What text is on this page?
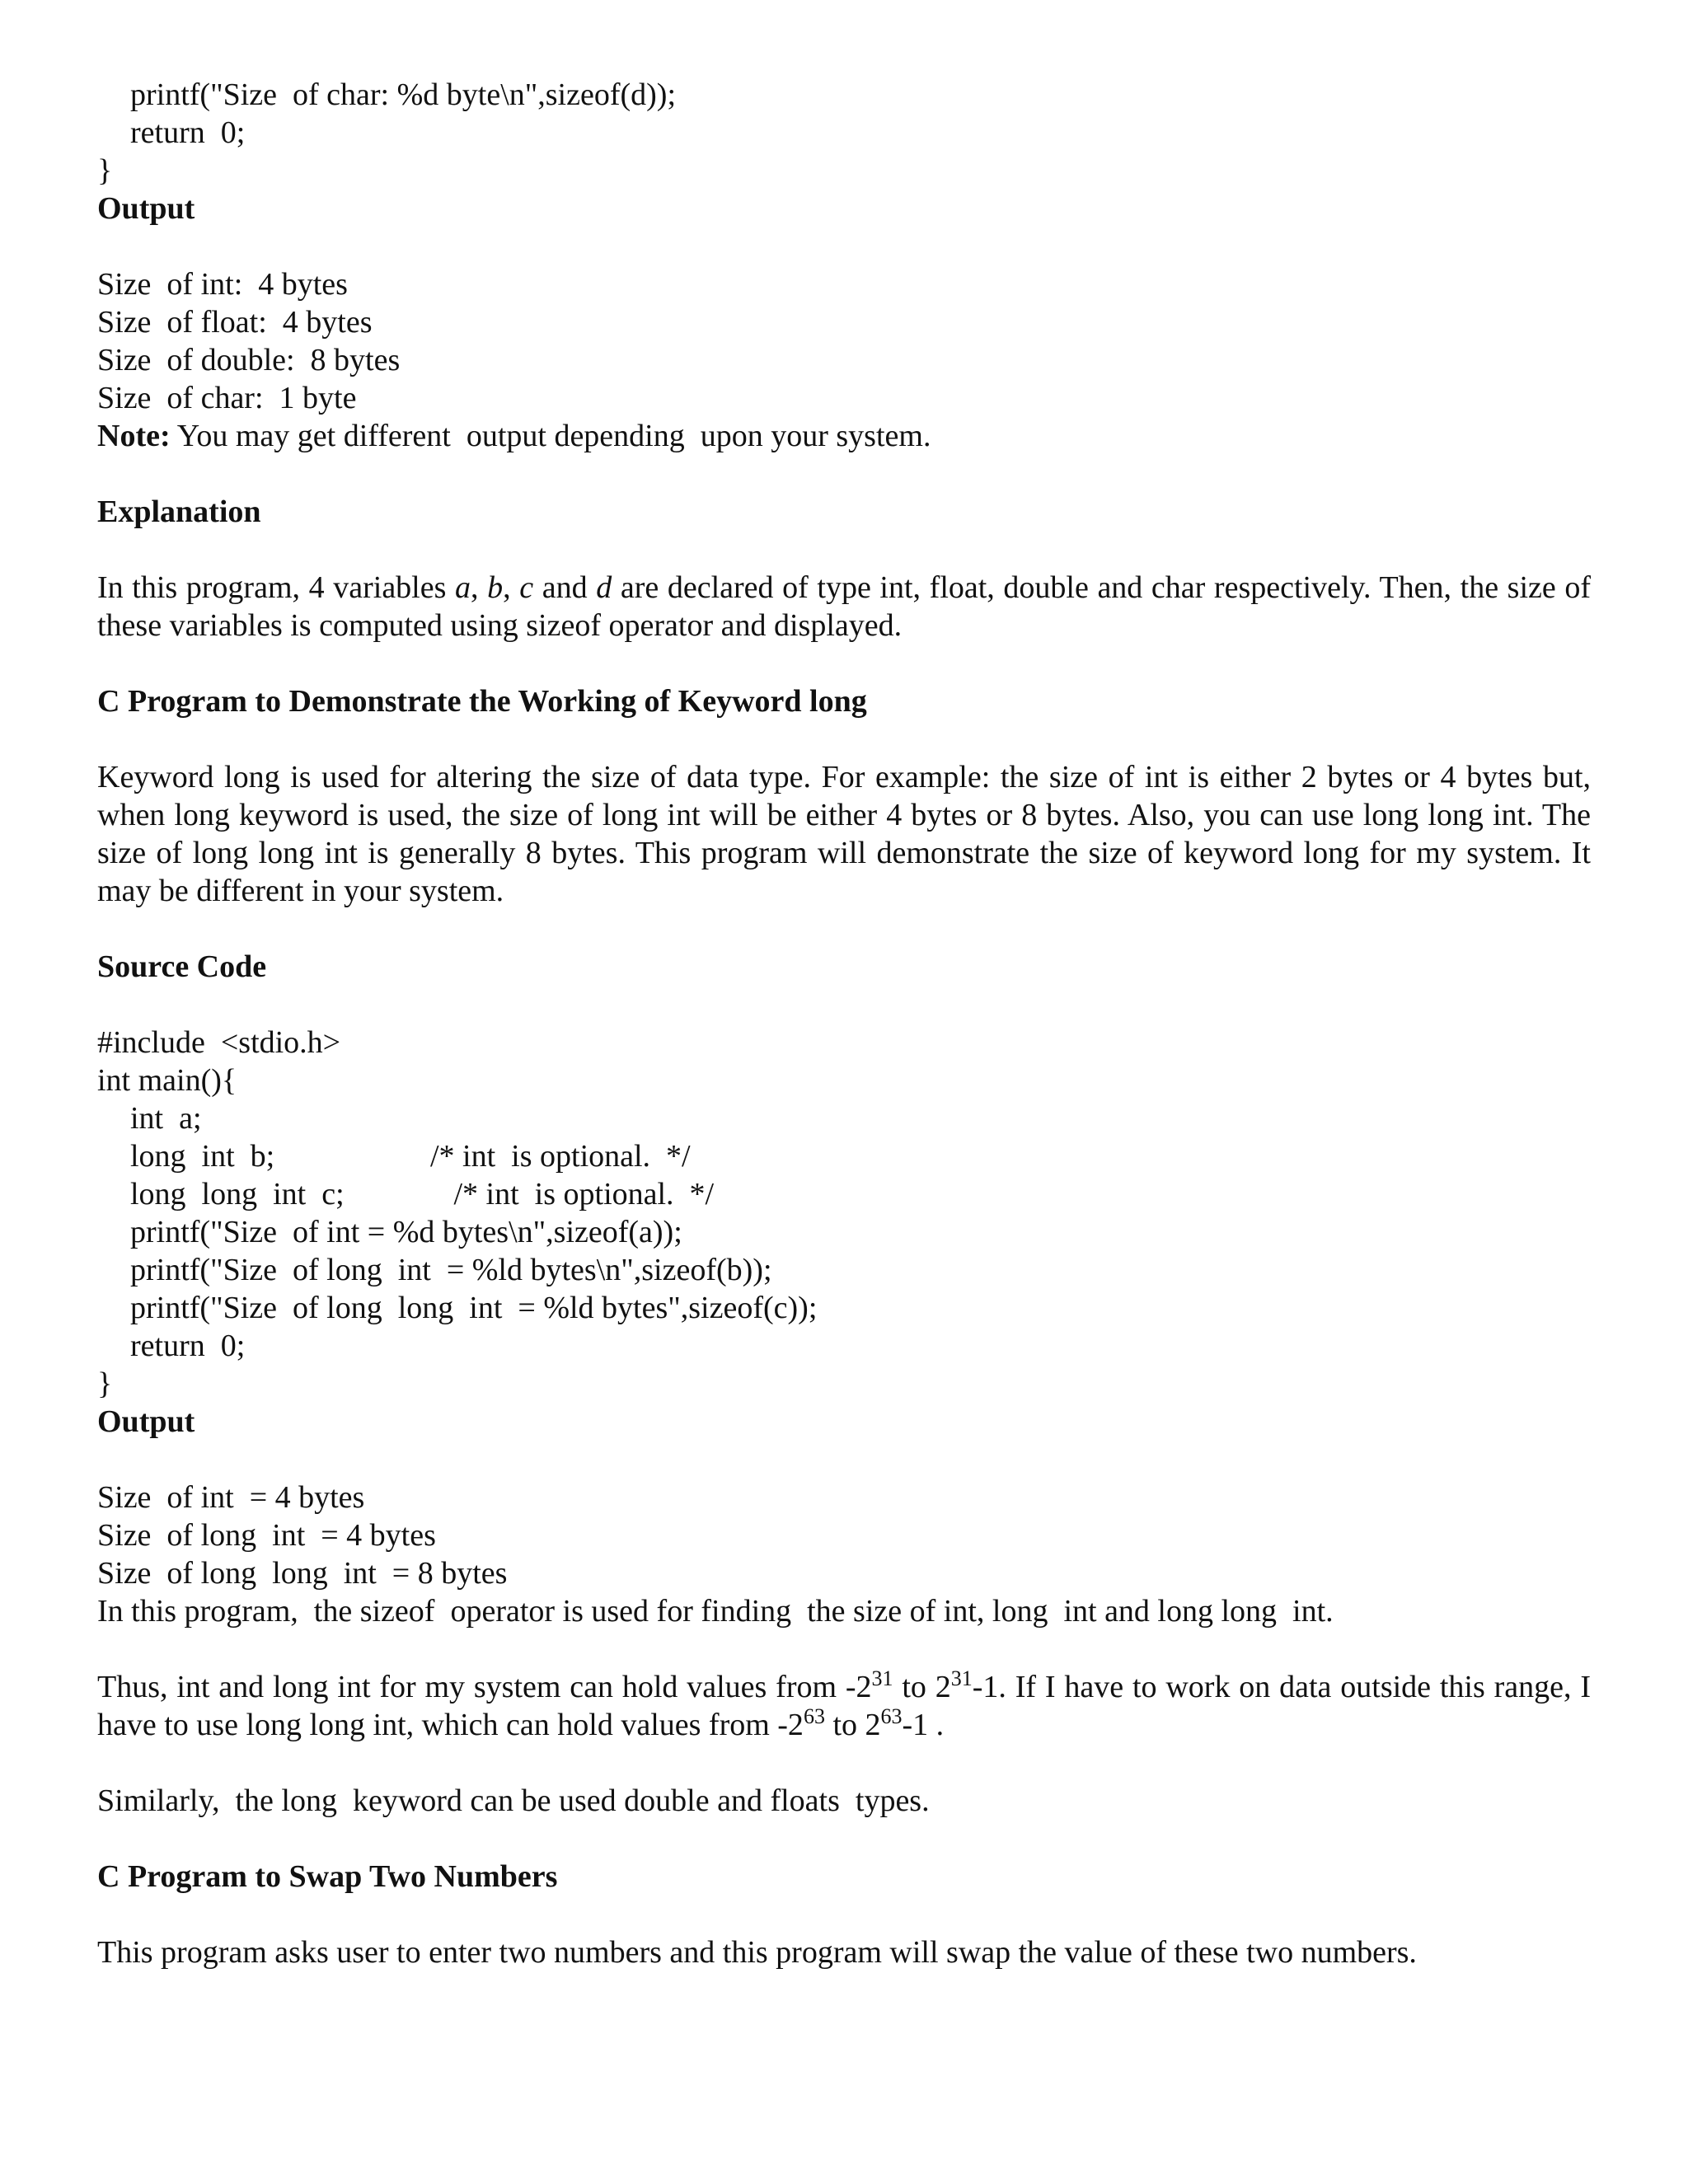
printf("Size  of char: %d byte\n",sizeof(d));
return  0;
}
Output
Size  of int:  4 bytes
Size  of float:  4 bytes
Size  of double:  8 bytes
Size  of char:  1 byte
Note: You may get different  output depending  upon your system.
Explanation

In this program, 4 variables a, b, c and d are declared of type int, float, double and char respectively. Then, the size of these variables is computed using sizeof operator and displayed.

C Program to Demonstrate the Working of Keyword long

Keyword long is used for altering the size of data type. For example: the size of int is either 2 bytes or 4 bytes but, when long keyword is used, the size of long int will be either 4 bytes or 8 bytes. Also, you can use long long int. The size of long long int is generally 8 bytes. This program will demonstrate the size of keyword long for my system. It may be different in your system.

Source Code
#include  <stdio.h>
int main(){
int  a;
long  int  b;	/* int  is optional.  */
long  long  int  c;	/* int  is optional.  */
printf("Size  of int = %d bytes\n",sizeof(a));
printf("Size  of long  int  = %ld bytes\n",sizeof(b));
printf("Size  of long  long  int  = %ld bytes",sizeof(c));
return  0;
}
Output
Size  of int  = 4 bytes
Size  of long  int  = 4 bytes
Size  of long  long  int  = 8 bytes
In this program,  the sizeof  operator is used for finding  the size of int, long  int and long long  int.

Thus, int and long int for my system can hold values from $-2^{31}$ to $2^{31}-1$. If I have to work on data outside this range, I have to use long long int, which can hold values from $-2^{63}$ to $2^{63}-1$ .

Similarly,  the long  keyword can be used double and floats  types.
C Program to Swap Two Numbers

This program asks user to enter two numbers and this program will swap the value of these two numbers.
